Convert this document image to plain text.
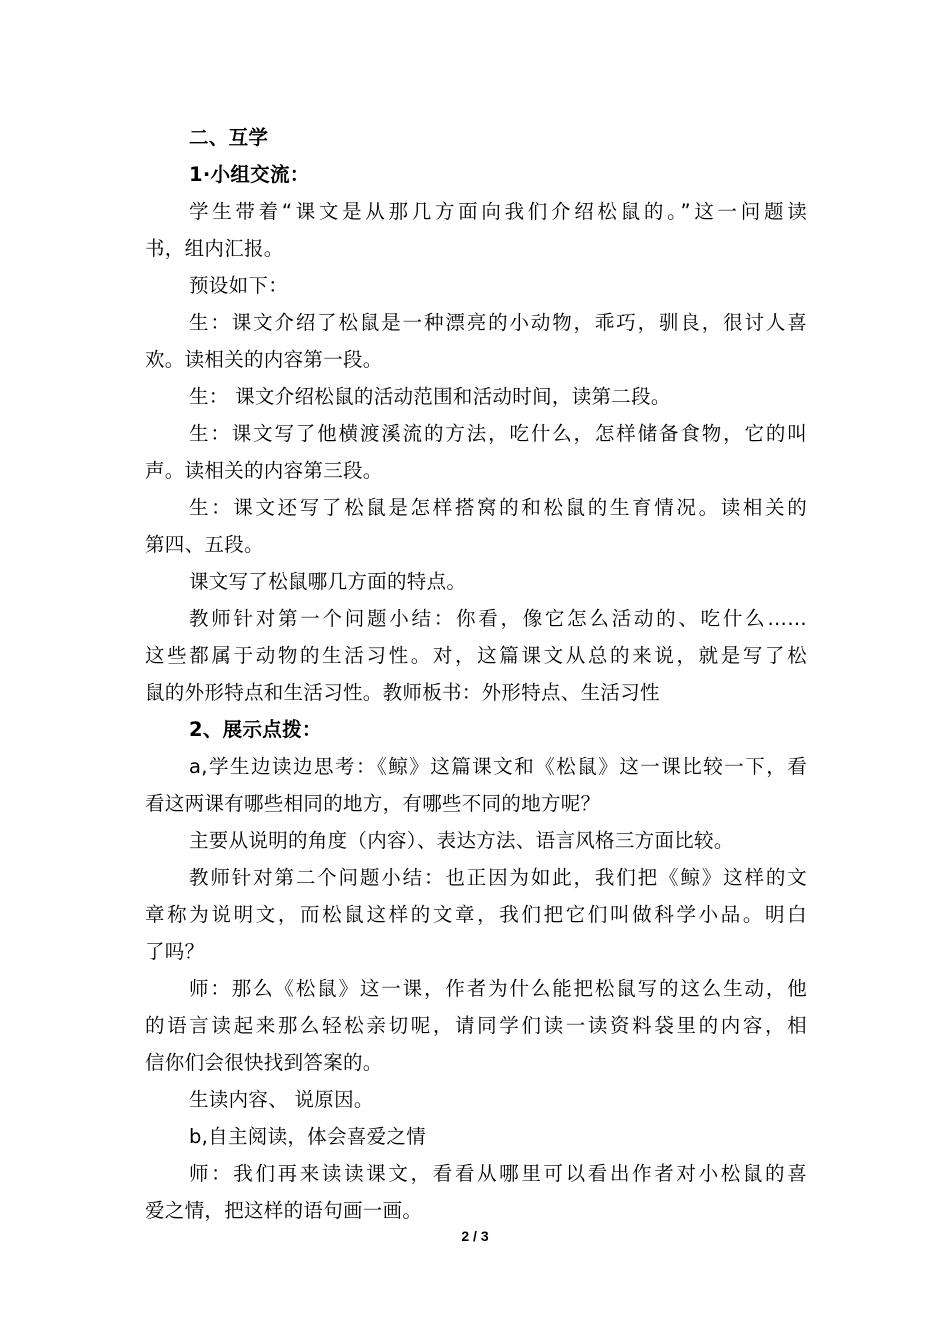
二、互学
1·小组交流：
学生带着“课文是从那几方面向我们介绍松鼠的。”这一问题读
书，组内汇报。
预设如下：
生：课文介绍了松鼠是一种漂亮的小动物，乖巧，驯良，很讨人喜
欢。读相关的内容第一段。
生： 课文介绍松鼠的活动范围和活动时间，读第二段。
生：课文写了他横渡溪流的方法，吃什么，怎样储备食物，它的叫
声。读相关的内容第三段。
生：课文还写了松鼠是怎样搭窝的和松鼠的生育情况。读相关的
第四、五段。
课文写了松鼠哪几方面的特点。
教师针对第一个问题小结：你看，像它怎么活动的、吃什么……
这些都属于动物的生活习性。对，这篇课文从总的来说，就是写了松
鼠的外形特点和生活习性。教师板书：外形特点、生活习性
2、展示点拨：
a,学生边读边思考：《鲸》这篇课文和《松鼠》这一课比较一下，看
看这两课有哪些相同的地方，有哪些不同的地方呢？
主要从说明的角度（内容）、表达方法、语言风格三方面比较。
教师针对第二个问题小结：也正因为如此，我们把《鲸》这样的文
章称为说明文，而松鼠这样的文章，我们把它们叫做科学小品。明白
了吗？
师：那么《松鼠》这一课，作者为什么能把松鼠写的这么生动，他
的语言读起来那么轻松亲切呢，请同学们读一读资料袋里的内容，相
信你们会很快找到答案的。
生读内容、 说原因。
b,自主阅读，体会喜爱之情
师：我们再来读读课文，看看从哪里可以看出作者对小松鼠的喜
爱之情，把这样的语句画一画。
2 / 3
